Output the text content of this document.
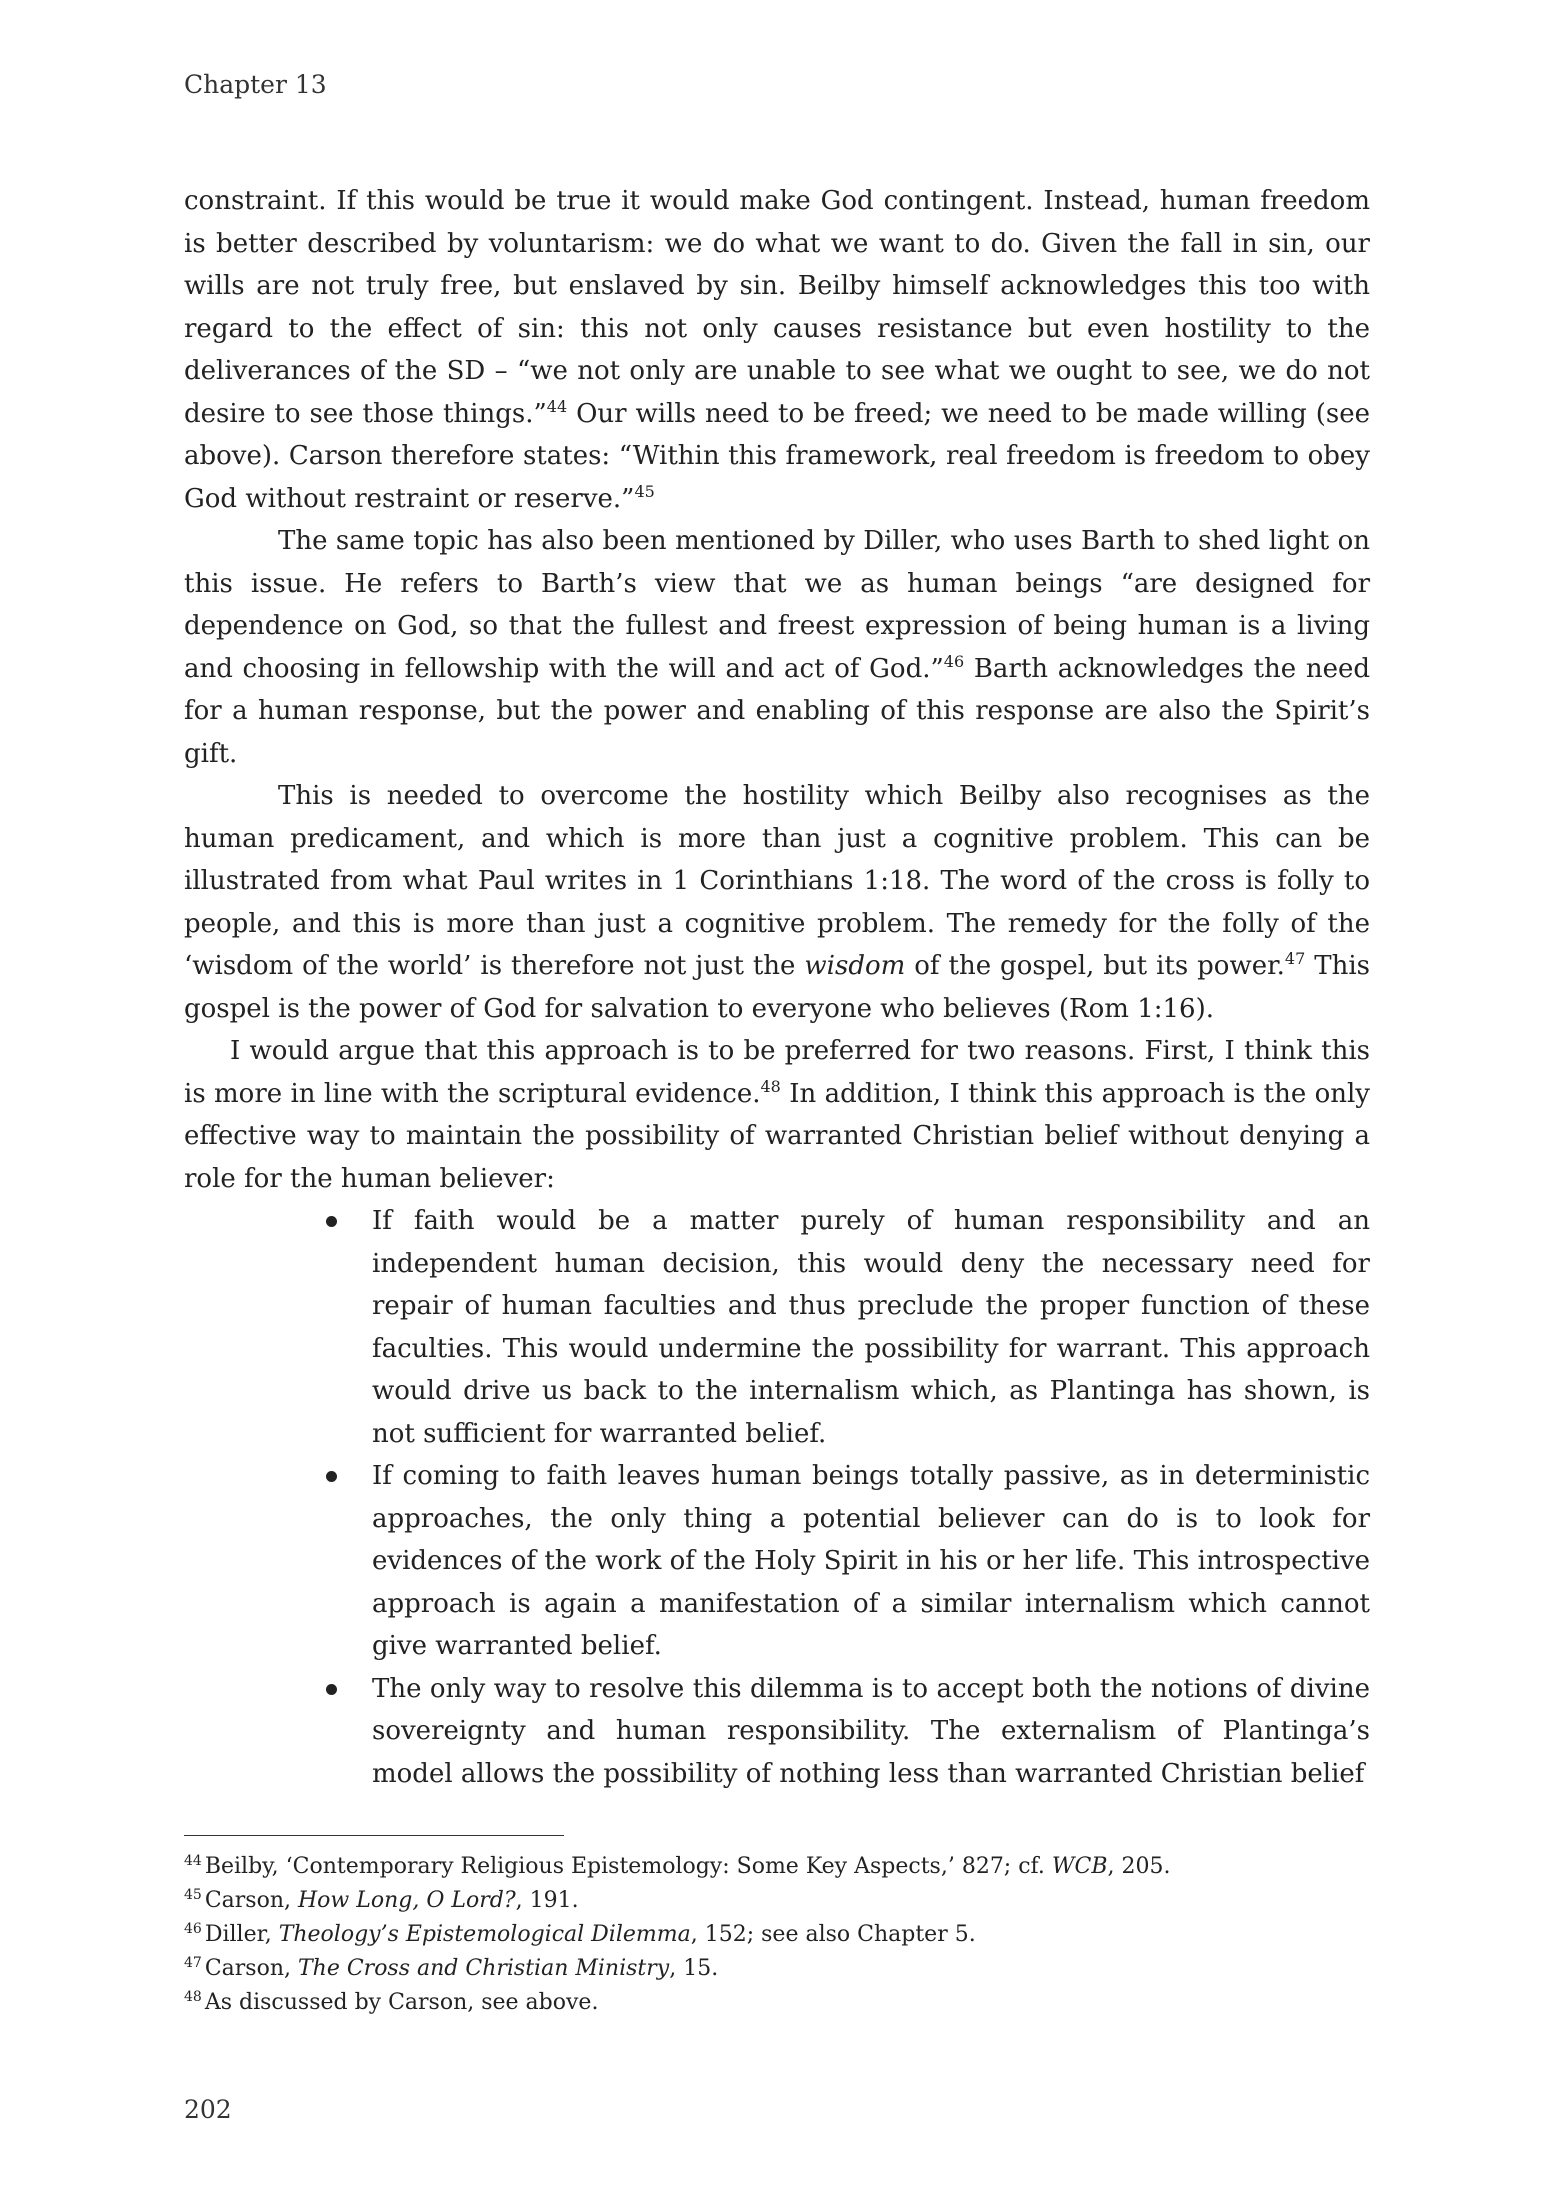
Chapter 13

constraint. If this would be true it would make God contingent. Instead, human freedom is better described by voluntarism: we do what we want to do. Given the fall in sin, our wills are not truly free, but enslaved by sin. Beilby himself acknowledges this too with regard to the effect of sin: this not only causes resistance but even hostility to the deliverances of the SD – “we not only are unable to see what we ought to see, we do not desire to see those things.”$^{44}$ Our wills need to be freed; we need to be made willing (see above). Carson therefore states: “Within this framework, real freedom is freedom to obey God without restraint or reserve.”$^{45}$

The same topic has also been mentioned by Diller, who uses Barth to shed light on this issue. He refers to Barth’s view that we as human beings “are designed for dependence on God, so that the fullest and freest expression of being human is a living and choosing in fellowship with the will and act of God.”$^{46}$ Barth acknowledges the need for a human response, but the power and enabling of this response are also the Spirit’s gift.

This is needed to overcome the hostility which Beilby also recognises as the human predicament, and which is more than just a cognitive problem. This can be illustrated from what Paul writes in 1 Corinthians 1:18. The word of the cross is folly to people, and this is more than just a cognitive problem. The remedy for the folly of the ‘wisdom of the world’ is therefore not just the wisdom of the gospel, but its power.$^{47}$ This gospel is the power of God for salvation to everyone who believes (Rom 1:16).

I would argue that this approach is to be preferred for two reasons. First, I think this is more in line with the scriptural evidence.$^{48}$ In addition, I think this approach is the only effective way to maintain the possibility of warranted Christian belief without denying a role for the human believer:

If faith would be a matter purely of human responsibility and an independent human decision, this would deny the necessary need for repair of human faculties and thus preclude the proper function of these faculties. This would undermine the possibility for warrant. This approach would drive us back to the internalism which, as Plantinga has shown, is not sufficient for warranted belief.
If coming to faith leaves human beings totally passive, as in deterministic approaches, the only thing a potential believer can do is to look for evidences of the work of the Holy Spirit in his or her life. This introspective approach is again a manifestation of a similar internalism which cannot give warranted belief.
The only way to resolve this dilemma is to accept both the notions of divine sovereignty and human responsibility. The externalism of Plantinga’s model allows the possibility of nothing less than warranted Christian belief

$^{44}$ Beilby, ‘Contemporary Religious Epistemology: Some Key Aspects,’ 827; cf. WCB, 205.

$^{45}$ Carson, How Long, O Lord?, 191.

$^{46}$ Diller, Theology’s Epistemological Dilemma, 152; see also Chapter 5.

$^{47}$ Carson, The Cross and Christian Ministry, 15.

$^{48}$ As discussed by Carson, see above.

202
